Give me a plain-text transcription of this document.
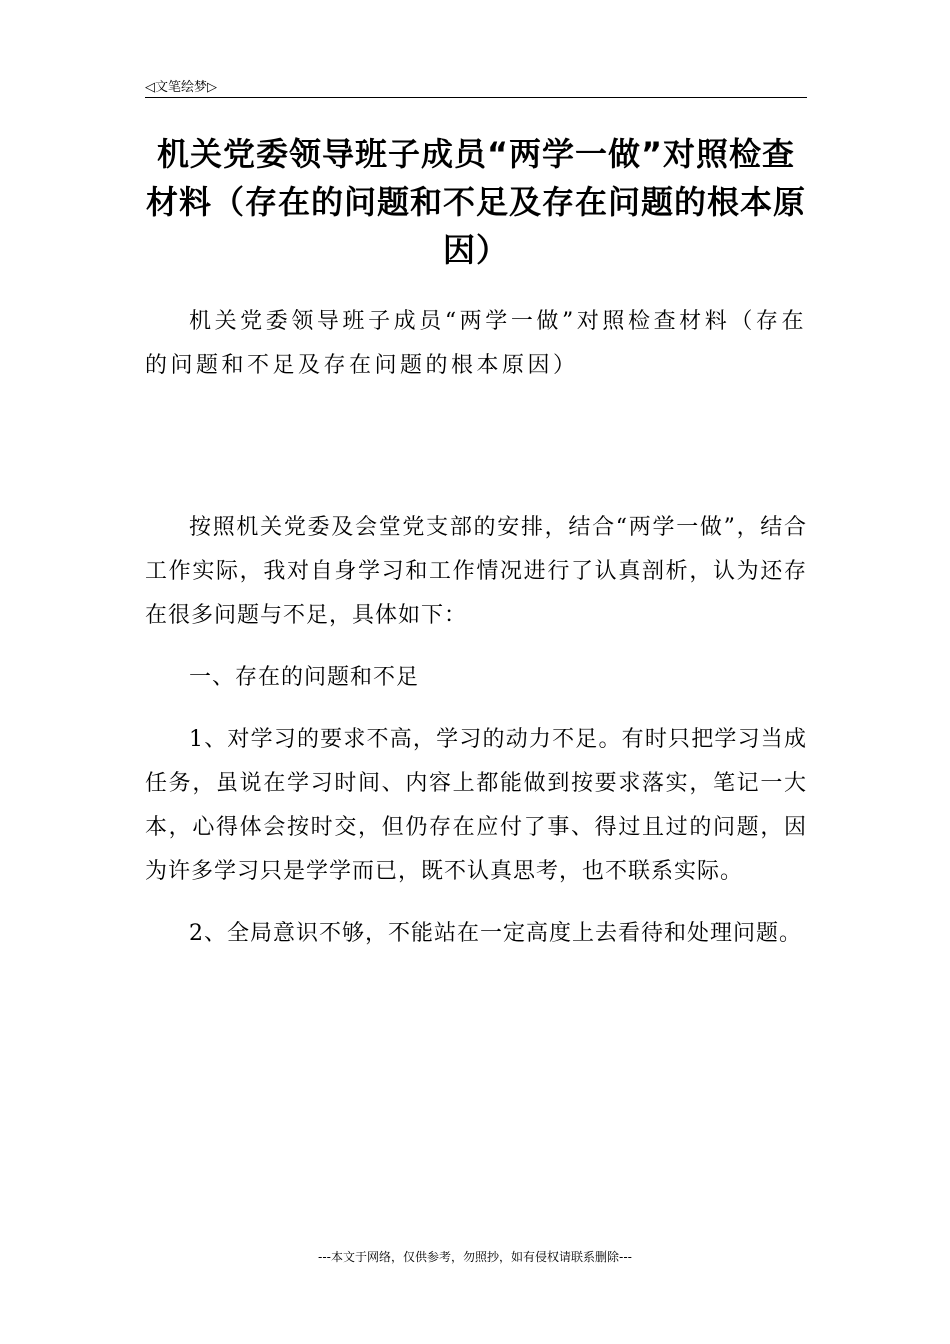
◁文笔绘梦▷
机关党委领导班子成员“两学一做”对照检查材料（存在的问题和不足及存在问题的根本原因）

机关党委领导班子成员“两学一做”对照检查材料（存在的问题和不足及存在问题的根本原因）

按照机关党委及会堂党支部的安排，结合“两学一做”，结合工作实际，我对自身学习和工作情况进行了认真剖析，认为还存在很多问题与不足，具体如下：

一、存在的问题和不足

1、对学习的要求不高，学习的动力不足。有时只把学习当成任务，虽说在学习时间、内容上都能做到按要求落实，笔记一大本，心得体会按时交，但仍存在应付了事、得过且过的问题，因为许多学习只是学学而已，既不认真思考，也不联系实际。

2、全局意识不够，不能站在一定高度上去看待和处理问题。

---本文于网络，仅供参考，勿照抄，如有侵权请联系删除---
